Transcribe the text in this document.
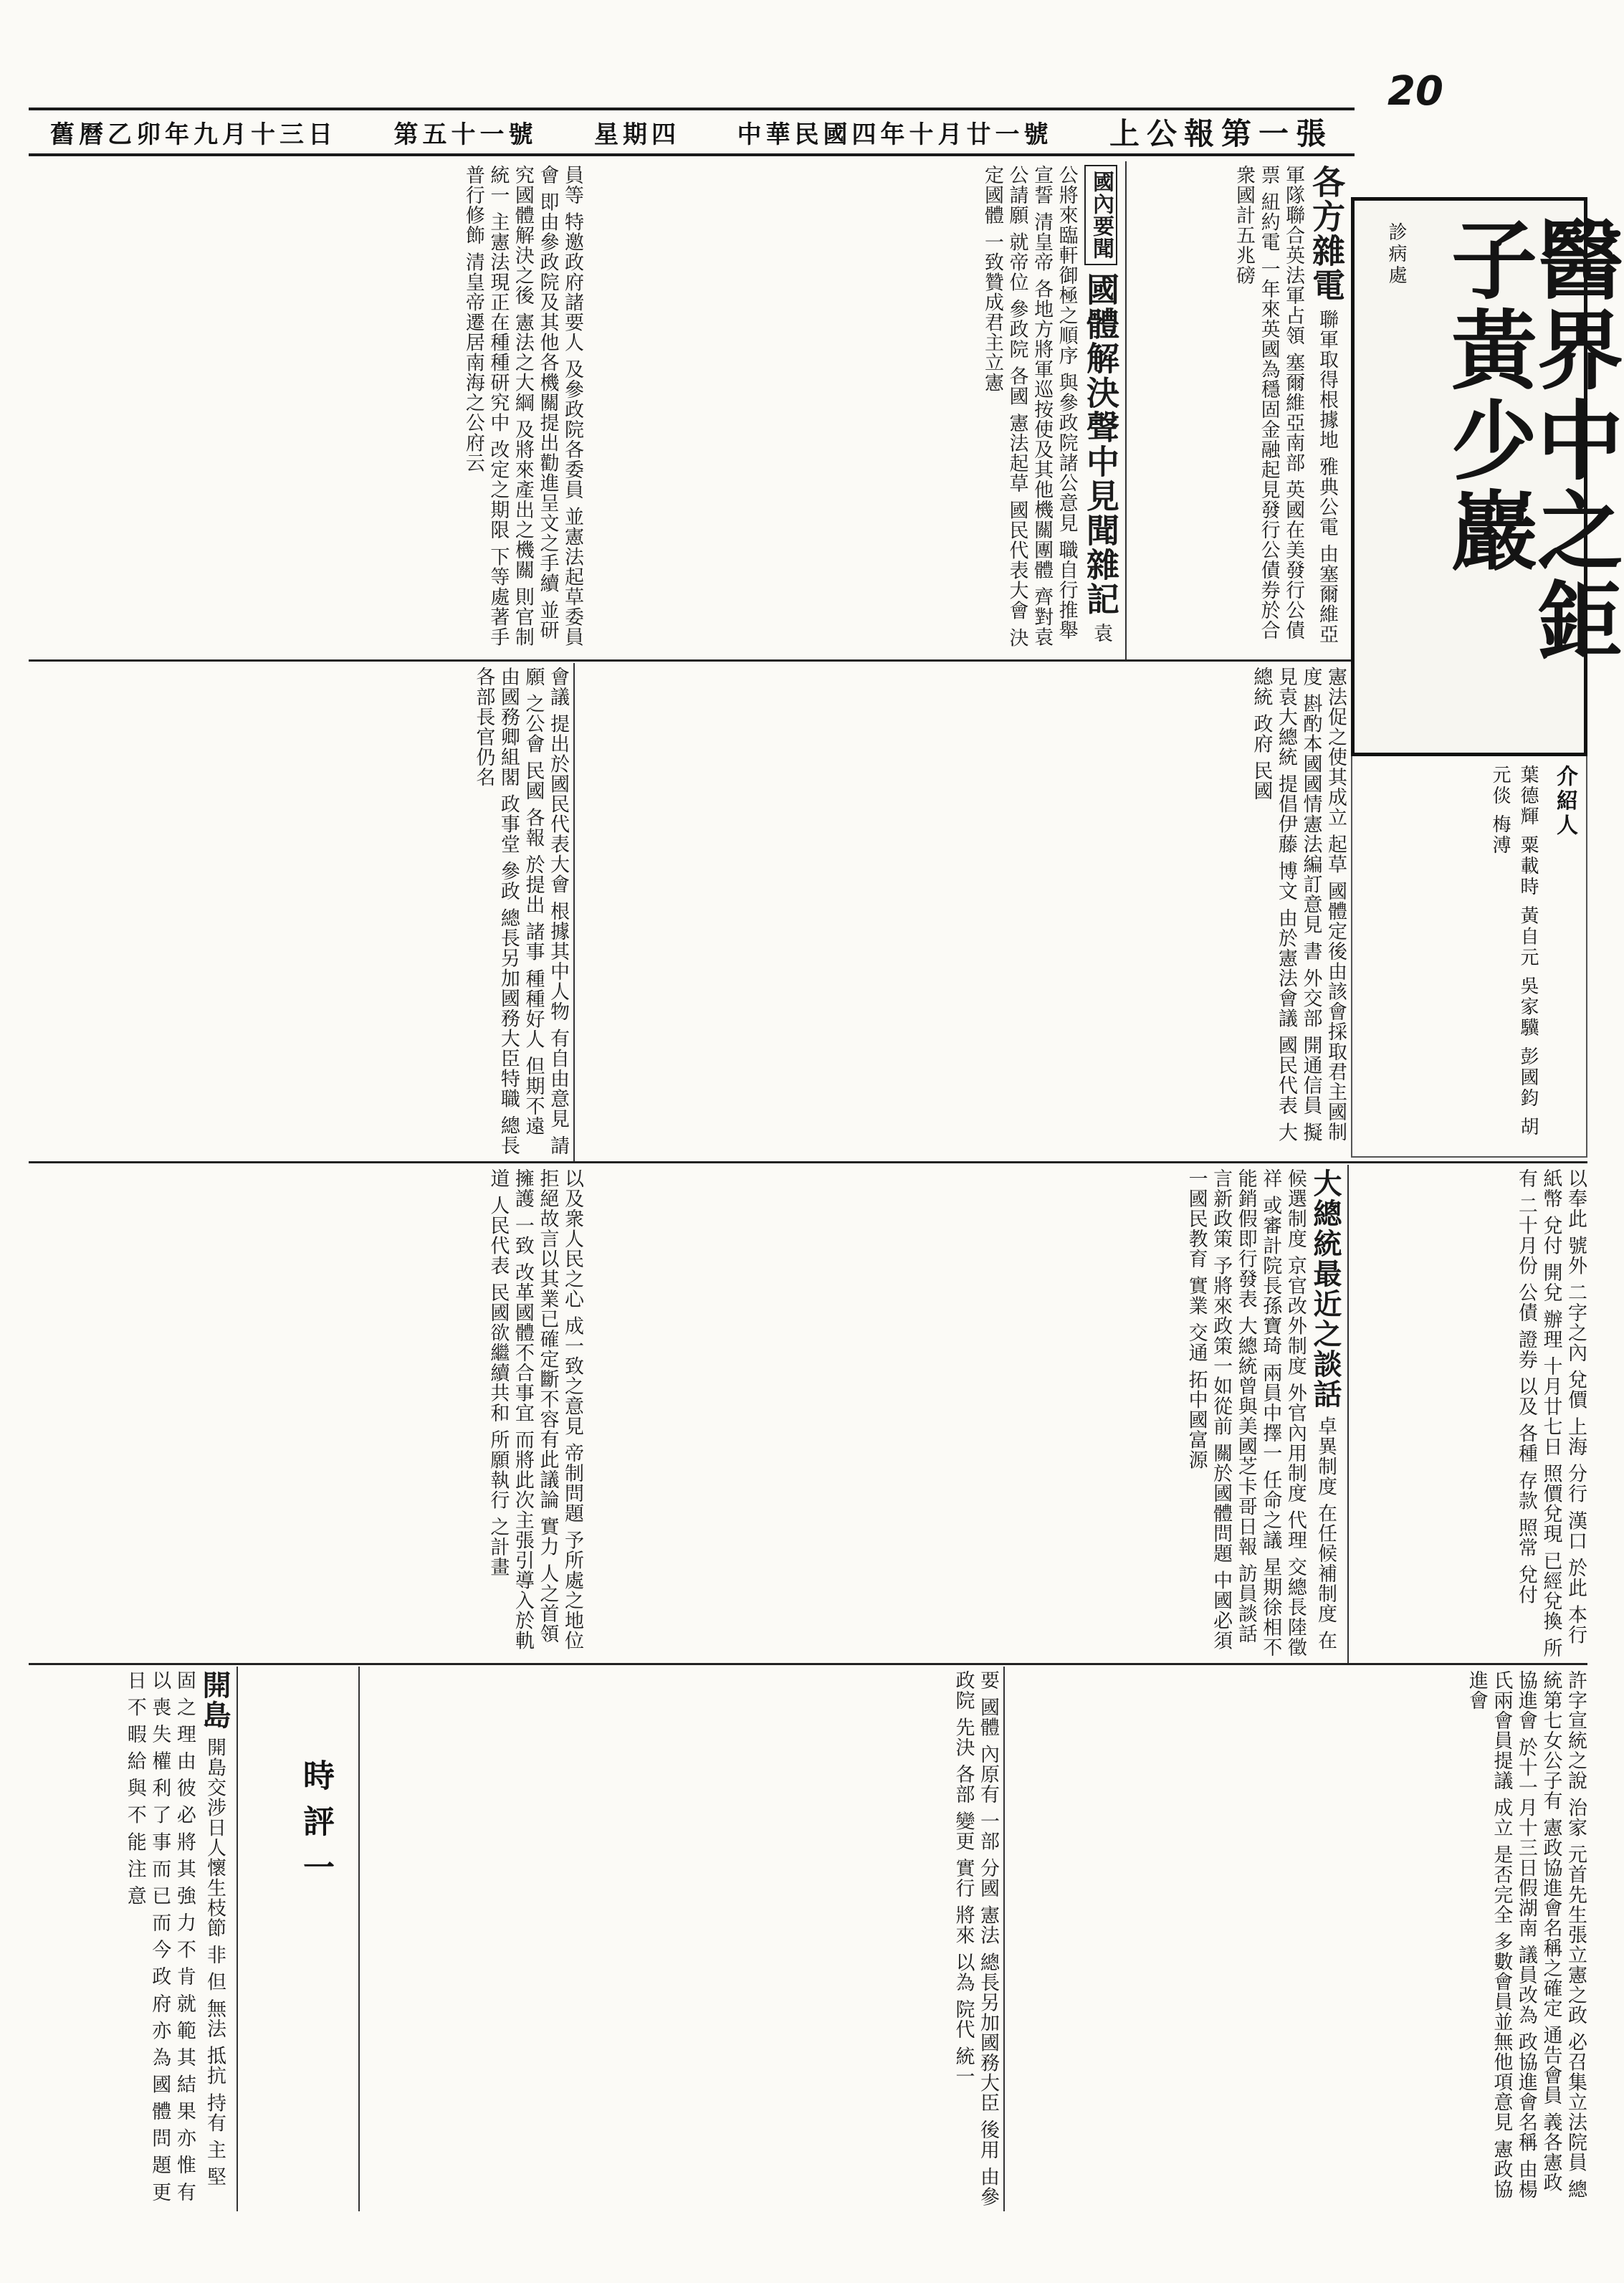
20
上公報第一張
中華民國四年十月廿一號
星期四
第五十一號
舊曆乙卯年九月十三日
醫界中之鉅子黃少巖
診病處
介紹人
葉德輝 粟載時 黃自元 吳家驥 彭國鈞 胡元倓 梅溥
各方雜電 聯軍取得根據地 雅典公電 由塞爾維亞軍隊聯合英法軍占領 塞爾維亞南部 英國在美發行公債票 紐約電 一年來英國為穩固金融起見發行公債券於合衆國計五兆磅
國內要聞 國體解決聲中見聞雜記 袁公將來臨軒御極之順序 與參政院諸公意見 職自行推舉宣誓 清皇帝 各地方將軍巡按使及其他機關團體 齊對袁公請願 就帝位 參政院 各國 憲法起草 國民代表大會 決定國體 一致贊成君主立憲
員等 特邀政府諸要人 及參政院各委員 並憲法起草委員會 即由參政院及其他各機關提出勸進呈文之手續 並研究國體解決之後 憲法之大綱 及將來產出之機關 則官制統一 主憲法現正在種種研究中 改定之期限 下等處著手普行修飾 清皇帝遷居南海之公府云
憲法促之使其成立 起草 國體定後由該會採取君主國制度 斟酌本國國情憲法編訂意見 書 外交部 開通信員 擬見袁大總統 提倡伊藤 博文 由於憲法會議 國民代表 大總統 政府 民國
會議 提出於國民代表大會 根據其中人物 有自由意見 請願 之公會 民國 各報 於提出 諸事 種種好人 但期不遠 由國務卿組閣 政事堂 參政 總長另加國務大臣特職 總長各部長官仍名
以奉此 號外 二字之內 兌價 上海 分行 漢口 於此 本行 紙幣 兌付 開兌 辦理 十月廿七日 照價兌現 已經兌換 所有 二十月份 公債 證券 以及 各種 存款 照常 兌付
大總統最近之談話 卓異制度 在任候補制度 在候選制度 京官改外制度 外官內用制度 代理 交總長陸徵祥 或審計院長孫寶琦 兩員中擇一 任命之議 星期徐相不能銷假即行發表 大總統曾與美國芝卡哥日報 訪員談話 言新政策 予將來政策一如從前 關於國體問題 中國必須一國民教育 實業 交通 拓中國富源
以及衆人民之心 成一致之意見 帝制問題 予所處之地位 拒絕故言以其業已確定斷不容有此議論 實力 人之首領 擁護 一致 改革國體不合事宜 而將此次主張引導入於軌道 人民代表 民國欲繼續共和 所願執行 之計畫
許字宣統之說 治家 元首先生張立憲之政 必召集立法院員 總統第七女公子有 憲政協進會名稱之確定 通告會員 義各憲政協進會 於十一月十三日假湖南 議員改為 政協進會名稱 由楊氏兩會員提議 成立 是否完全 多數會員並無他項意見 憲政協進會
要 國體 內原有 一部 分國 憲法 總長另加國務大臣 後用 由參政院 先決 各部 變更 實行 將來 以為 院代 統一
時評一
開島 開島交涉日人懷生枝節 非 但 無法 抵抗 持有 主 堅 固 之 理 由 彼 必 將 其 強 力 不 肯 就 範 其 結 果 亦 惟 有 以 喪 失 權 利 了 事 而 已 而 今 政 府 亦 為 國 體 問 題 更 日 不 暇 給 與 不 能 注 意
